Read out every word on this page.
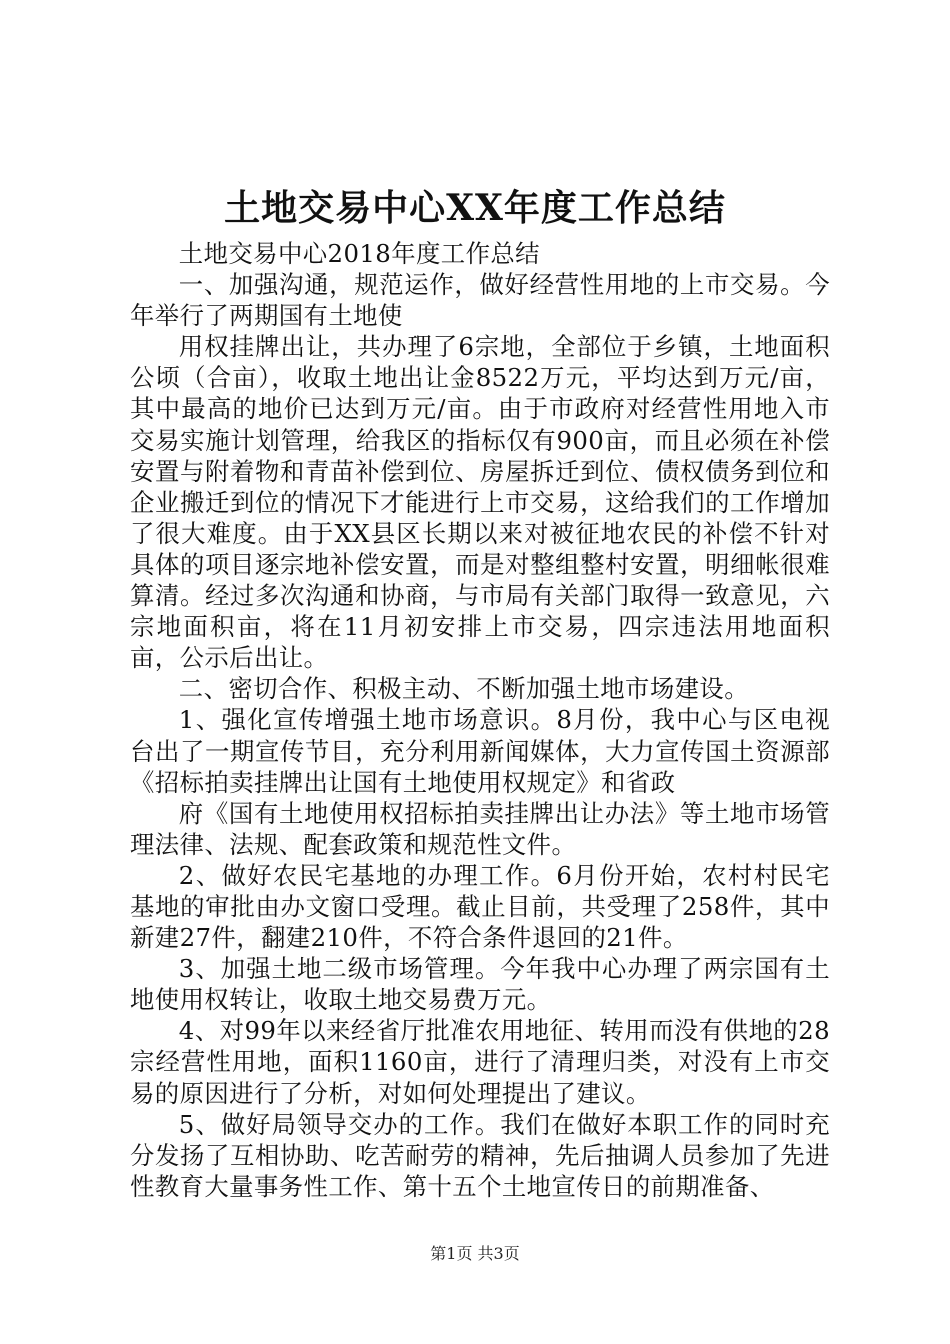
土地交易中心XX年度工作总结

土地交易中心2018年度工作总结

一、加强沟通，规范运作，做好经营性用地的上市交易。今年举行了两期国有土地使

用权挂牌出让，共办理了6宗地，全部位于乡镇，土地面积公顷（合亩），收取土地出让金8522万元，平均达到万元/亩，其中最高的地价已达到万元/亩。由于市政府对经营性用地入市交易实施计划管理，给我区的指标仅有900亩，而且必须在补偿安置与附着物和青苗补偿到位、房屋拆迁到位、债权债务到位和企业搬迁到位的情况下才能进行上市交易，这给我们的工作增加了很大难度。由于XX县区长期以来对被征地农民的补偿不针对具体的项目逐宗地补偿安置，而是对整组整村安置，明细帐很难算清。经过多次沟通和协商，与市局有关部门取得一致意见，六宗地面积亩，将在11月初安排上市交易，四宗违法用地面积亩，公示后出让。

二、密切合作、积极主动、不断加强土地市场建设。

1、强化宣传增强土地市场意识。8月份，我中心与区电视台出了一期宣传节目，充分利用新闻媒体，大力宣传国土资源部《招标拍卖挂牌出让国有土地使用权规定》和省政

府《国有土地使用权招标拍卖挂牌出让办法》等土地市场管理法律、法规、配套政策和规范性文件。

2、做好农民宅基地的办理工作。6月份开始，农村村民宅基地的审批由办文窗口受理。截止目前，共受理了258件，其中新建27件，翻建210件，不符合条件退回的21件。

3、加强土地二级市场管理。今年我中心办理了两宗国有土地使用权转让，收取土地交易费万元。

4、对99年以来经省厅批准农用地征、转用而没有供地的28宗经营性用地，面积1160亩，进行了清理归类，对没有上市交易的原因进行了分析，对如何处理提出了建议。

5、做好局领导交办的工作。我们在做好本职工作的同时充分发扬了互相协助、吃苦耐劳的精神，先后抽调人员参加了先进性教育大量事务性工作、第十五个土地宣传日的前期准备、

第1页 共3页
